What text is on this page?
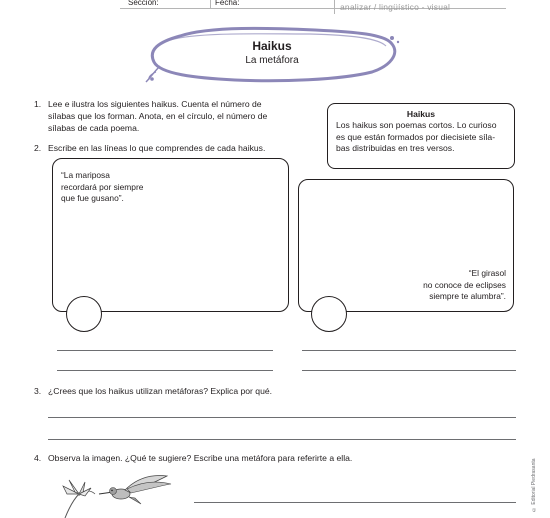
Sección:	Fecha:	analizar / lingüístico - visual
Haikus
La metáfora
1. Lee e ilustra los siguientes haikus. Cuenta el número de
sílabas que los forman. Anota, en el círculo, el número de
sílabas de cada poema.
2. Escribe en las líneas lo que comprendes de cada haikus.
Haikus
Los haikus son poemas cortos. Lo curioso
es que están formados por diecisiete síla-
bas distribuidas en tres versos.
“La mariposa
recordará por siempre
que fue gusano”.
“El girasol
no conoce de eclipses
siempre te alumbra”.
3. ¿Crees que los haikus utilizan metáforas? Explica por qué.
4. Observa la imagen. ¿Qué te sugiere? Escribe una metáfora para referirte a ella.
© Editorial Piedrasanta
